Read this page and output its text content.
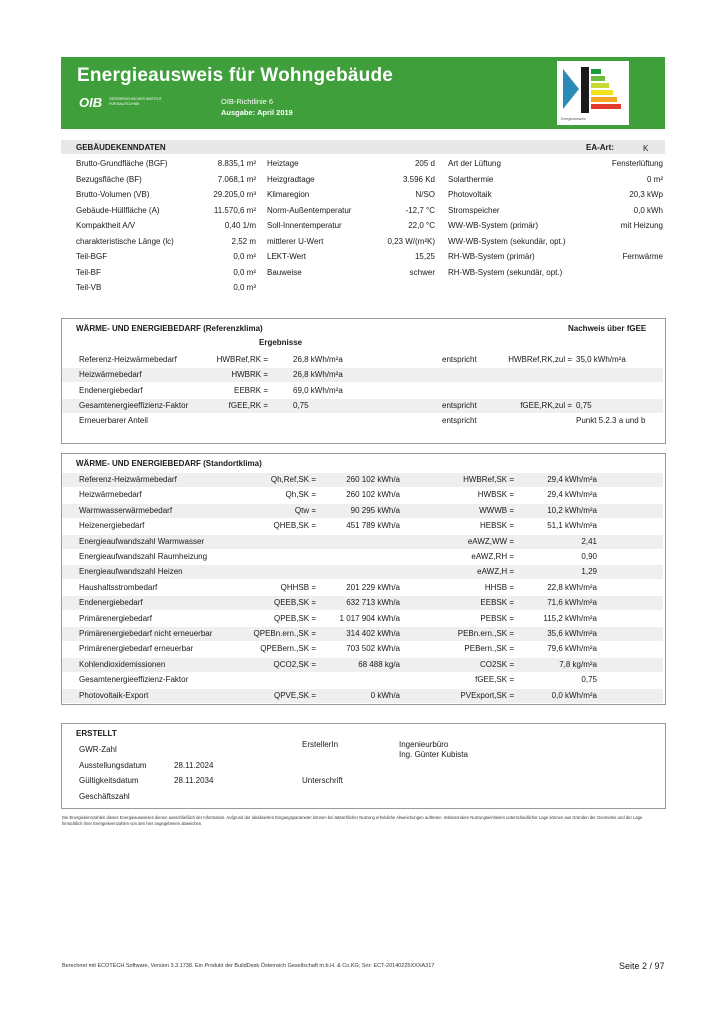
Energieausweis für Wohngebäude
OIB ÖSTERREICHISCHES INSTITUT FÜR BAUTECHNIK	OIB-Richtlinie 6
Ausgabe: April 2019
Energieausweis
GEBÄUDEKENNDATEN	EA-Art:	K
Brutto-Grundfläche (BGF)	8.835,1 m²
Bezugsfläche (BF)	7.068,1 m²
Brutto-Volumen (VB)	29.205,0 m³
Gebäude-Hüllfläche (A)	11.570,6 m²
Kompaktheit A/V	0,40 1/m
charakteristische Länge (lc)	2,52 m
Teil-BGF	0,0 m²
Teil-BF	0,0 m²
Teil-VB	0,0 m³
Heiztage	205 d
Heizgradtage	3.596 Kd
Klimaregion	N/SO
Norm-Außentemperatur	-12,7 °C
Soll-Innentemperatur	22,0 °C
mittlerer U-Wert	0,23 W/(m²K)
LEKT-Wert	15,25
Bauweise	schwer
Art der Lüftung	Fensterlüftung
Solarthermie	0 m²
Photovoltaik	20,3 kWp
Stromspeicher	0,0 kWh
WW-WB-System (primär)	mit Heizung
WW-WB-System (sekundär, opt.)
RH-WB-System (primär)	Fernwärme
RH-WB-System (sekundär, opt.)
WÄRME- UND ENERGIEBEDARF (Referenzklima)	Nachweis über fGEE
Ergebnisse
Referenz-Heizwärmebedarf	HWBRef,RK =	26,8 kWh/m²a	entspricht	HWBRef,RK,zul = 35,0 kWh/m²a
Heizwärmebedarf	HWBRK =	26,8 kWh/m²a
Endenergiebedarf	EEBRK =	69,0 kWh/m²a
Gesamtenergieeffizienz-Faktor	fGEE,RK =	0,75	entspricht	fGEE,RK,zul = 0,75
Erneuerbarer Anteil	entspricht	Punkt 5.2.3 a und b
WÄRME- UND ENERGIEBEDARF (Standortklima)
Referenz-Heizwärmebedarf	Qh,Ref,SK =	260 102 kWh/a	HWBRef,SK =	29,4 kWh/m²a
Heizwärmebedarf	Qh,SK =	260 102 kWh/a	HWBSK =	29,4 kWh/m²a
Warmwasserwärmebedarf	Qtw =	90 295 kWh/a	WWWB =	10,2 kWh/m²a
Heizenergiebedarf	QHEB,SK =	451 789 kWh/a	HEBSK =	51,1 kWh/m²a
Energieaufwandszahl Warmwasser	eAWZ,WW =	2,41
Energieaufwandszahl Raumheizung	eAWZ,RH =	0,90
Energieaufwandszahl Heizen	eAWZ,H =	1,29
Haushaltsstrombedarf	QHHSB =	201 229 kWh/a	HHSB =	22,8 kWh/m²a
Endenergiebedarf	QEEB,SK =	632 713 kWh/a	EEBSK =	71,6 kWh/m²a
Primärenergiebedarf	QPEB,SK =	1 017 904 kWh/a	PEBSK =	115,2 kWh/m²a
Primärenergiebedarf nicht erneuerbar	QPEBn.ern.,SK =	314 402 kWh/a	PEBn.ern.,SK =	35,6 kWh/m²a
Primärenergiebedarf erneuerbar	QPEBern.,SK =	703 502 kWh/a	PEBern.,SK =	79,6 kWh/m²a
Kohlendioxidemissionen	QCO2,SK =	68 488 kg/a	CO2SK =	7,8 kg/m²a
Gesamtenergieeffizienz-Faktor	fGEE,SK =	0,75
Photovoltaik-Export	QPVE,SK =	0 kWh/a	PVExport,SK =	0,0 kWh/m²a
ERSTELLT
GWR-Zahl
Ausstellungsdatum	28.11.2024
Gültigkeitsdatum	28.11.2034
Geschäftszahl
ErstellerIn	Ingenieurbüro
Ing. Günter Kubista
Unterschrift
Die Energiekennzahlen dieses Energieausweises dienen ausschließlich der Information. Aufgrund der idealisierten Eingangsparameter können bei tatsächlicher Nutzung erhebliche Abweichungen auftreten. Insbesondere Nutzungseinheiten unterschiedlicher Lage können aus Gründen der Geometrie und der Lage hinsichtlich ihrer Energiekennzahlen von den hier angegebenen abweichen.
Berechnet mit ECOTECH Software, Version 3.3.1738. Ein Produkt der BuildDesk Österreich Gesellschaft m.b.H. & Co.KG; Snr: ECT-20140225XXXA317	Seite 2 / 97
